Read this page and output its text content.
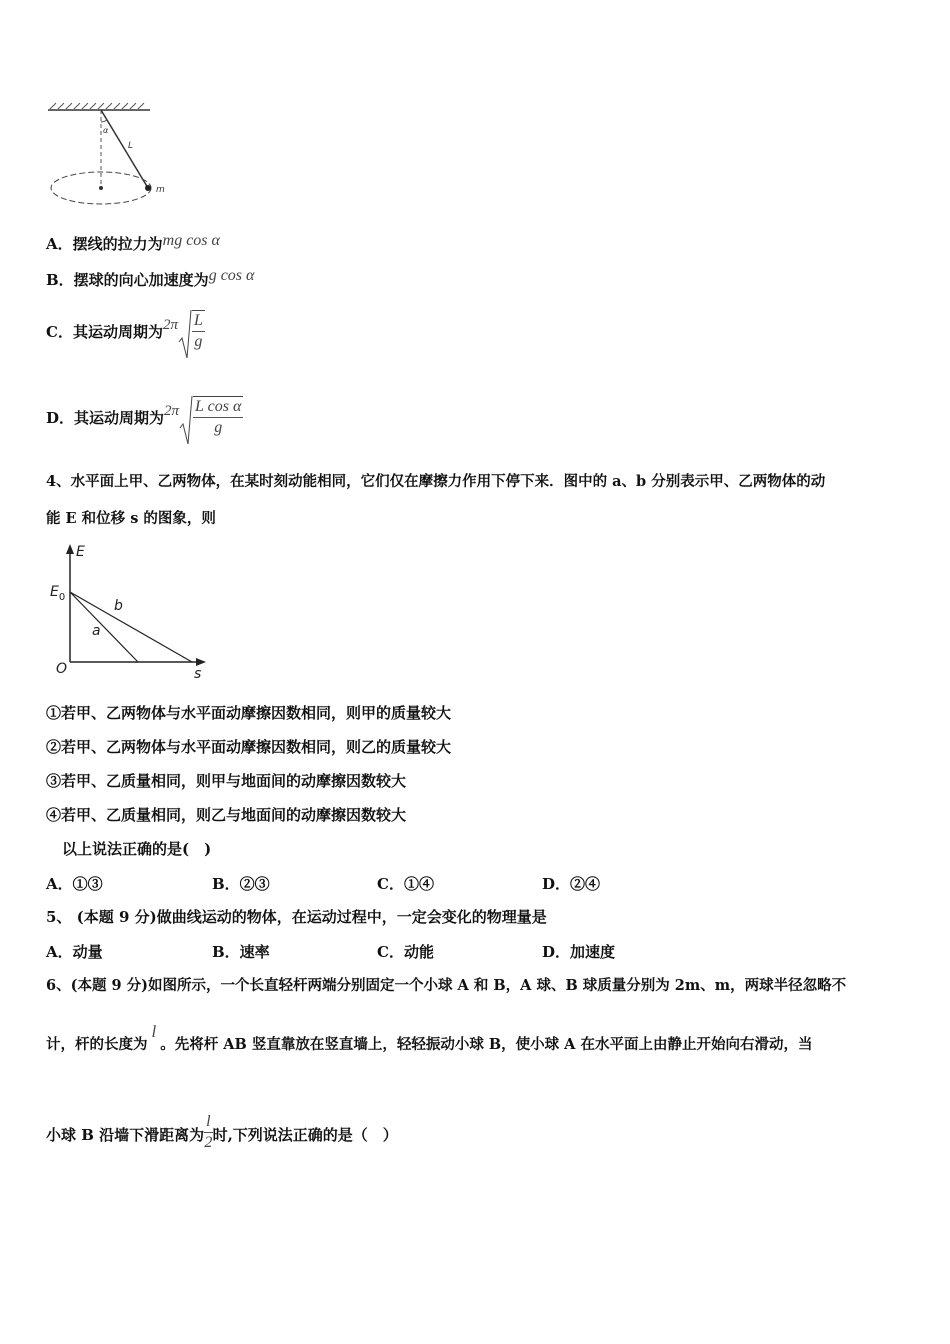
α
L
m
A．摆线的拉力为mg cos α
B．摆球的向心加速度为g cos α
C．其运动周期为$2\pi \frac{L}{g}$
D．其运动周期为$2\pi \frac{\text{L cos α}}{g}$
4、水平面上甲、乙两物体，在某时刻动能相同，它们仅在摩擦力作用下停下来．图中的 a、b 分别表示甲、乙两物体的动
能 E 和位移 s 的图象，则
E
$E_0$
b
a
O	s
①若甲、乙两物体与水平面动摩擦因数相同，则甲的质量较大
②若甲、乙两物体与水平面动摩擦因数相同，则乙的质量较大
③若甲、乙质量相同，则甲与地面间的动摩擦因数较大
④若甲、乙质量相同，则乙与地面间的动摩擦因数较大
以上说法正确的是(　)
A．①③	B．②③	C．①④	D．②④
5、 (本题 9 分)做曲线运动的物体，在运动过程中，一定会变化的物理量是
A．动量	B．速率	C．动能	D．加速度
6、(本题 9 分)如图所示，一个长直轻杆两端分别固定一个小球 A 和 B，A 球、B 球质量分别为 2m、m，两球半径忽略不
计，杆的长度为l。先将杆 AB 竖直靠放在竖直墙上，轻轻振动小球 B，使小球 A 在水平面上由静止开始向右滑动，当
小球 B 沿墙下滑距离为 $\frac{l}{2}$ 时,下列说法正确的是（　）
